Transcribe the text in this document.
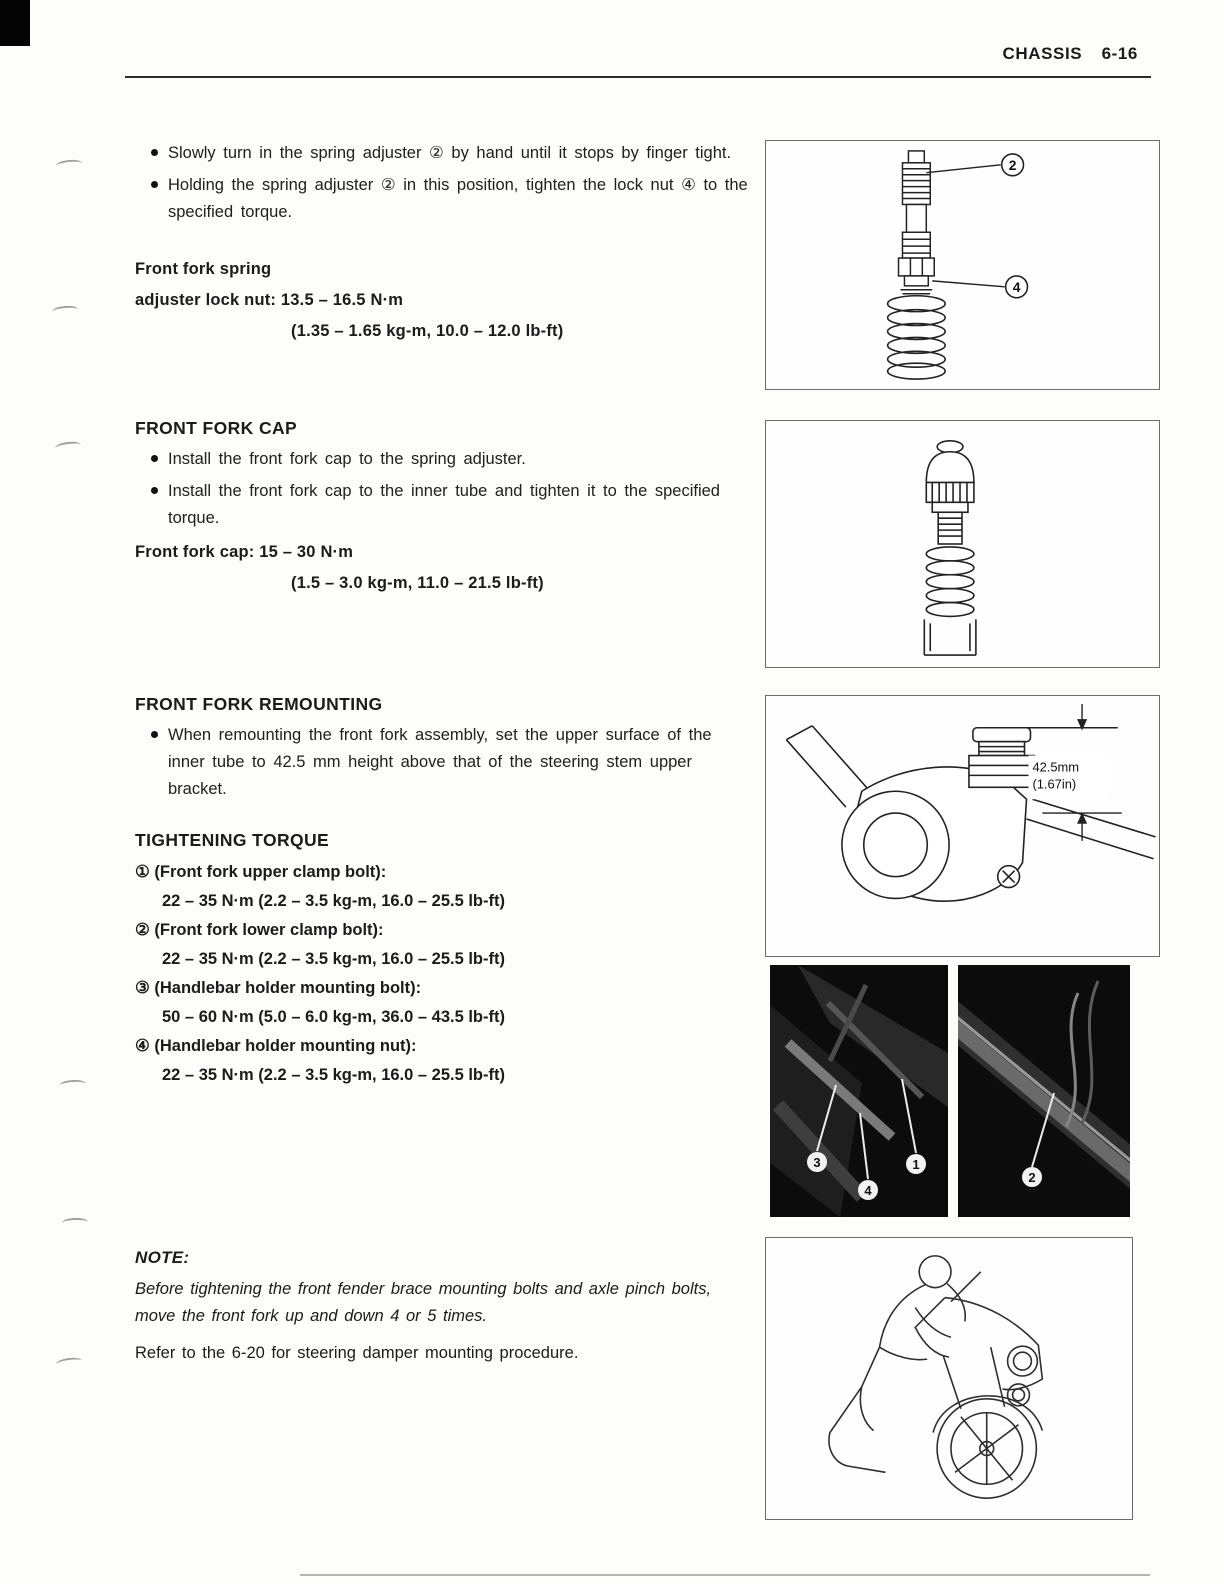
CHASSIS 6-16
Slowly turn in the spring adjuster ② by hand until it stops by finger tight.
Holding the spring adjuster ② in this position, tighten the lock nut ④ to the specified torque.
Front fork spring
adjuster lock nut: 13.5 – 16.5 N·m
(1.35 – 1.65 kg-m, 10.0 – 12.0 lb-ft)
FRONT FORK CAP
Install the front fork cap to the spring adjuster.
Install the front fork cap to the inner tube and tighten it to the specified torque.
Front fork cap: 15 – 30 N·m
(1.5 – 3.0 kg-m, 11.0 – 21.5 lb-ft)
FRONT FORK REMOUNTING
When remounting the front fork assembly, set the upper surface of the inner tube to 42.5 mm height above that of the steering stem upper bracket.
TIGHTENING TORQUE
① (Front fork upper clamp bolt):
22 – 35 N·m (2.2 – 3.5 kg-m, 16.0 – 25.5 lb-ft)
② (Front fork lower clamp bolt):
22 – 35 N·m (2.2 – 3.5 kg-m, 16.0 – 25.5 lb-ft)
③ (Handlebar holder mounting bolt):
50 – 60 N·m (5.0 – 6.0 kg-m, 36.0 – 43.5 lb-ft)
④ (Handlebar holder mounting nut):
22 – 35 N·m (2.2 – 3.5 kg-m, 16.0 – 25.5 lb-ft)
NOTE:
Before tightening the front fender brace mounting bolts and axle pinch bolts, move the front fork up and down 4 or 5 times.
Refer to the 6-20 for steering damper mounting procedure.
2
4
42.5mm
(1.67in)
3
4
1
2
